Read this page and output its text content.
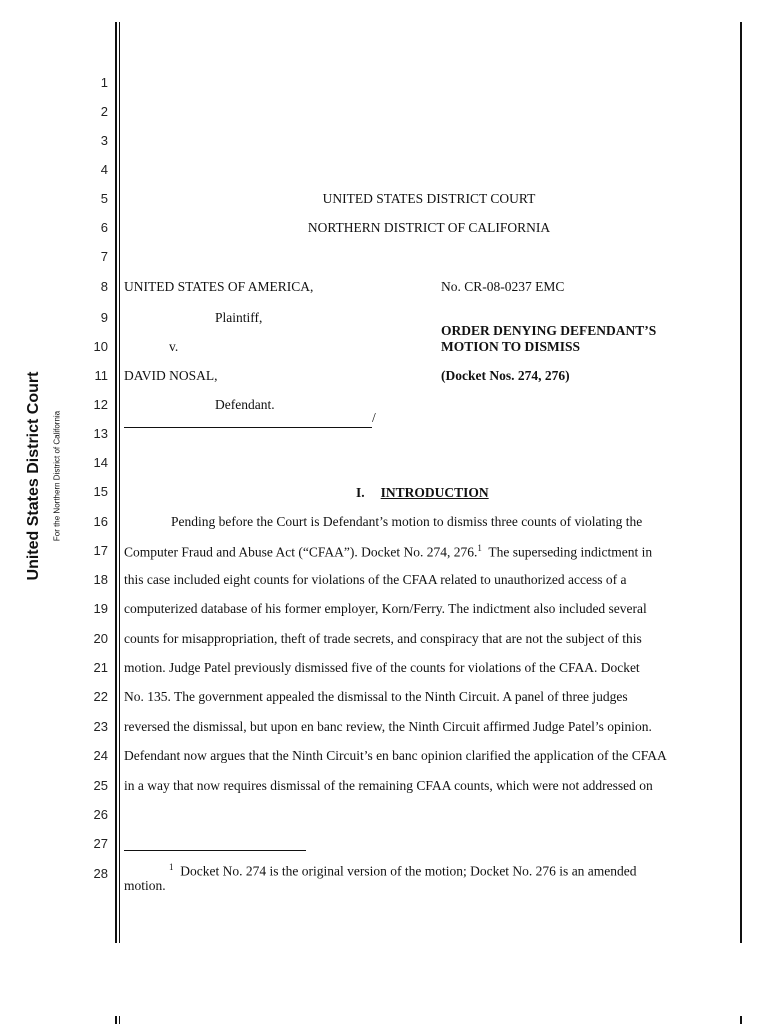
United States District Court For the Northern District of California
1
2
3
4
5
6
7
8
9
10
11
12
13
14
15
16
17
18
19
20
21
22
23
24
25
26
27
28
UNITED STATES DISTRICT COURT
NORTHERN DISTRICT OF CALIFORNIA
UNITED STATES OF AMERICA,
Plaintiff,
v.
DAVID NOSAL,
Defendant.
/
No. CR-08-0237 EMC
ORDER DENYING DEFENDANT’S
MOTION TO DISMISS
(Docket Nos. 274, 276)
I. INTRODUCTION
Pending before the Court is Defendant’s motion to dismiss three counts of violating the
Computer Fraud and Abuse Act (“CFAA”). Docket No. 274, 276.$^1$  The superseding indictment in
this case included eight counts for violations of the CFAA related to unauthorized access of a
computerized database of his former employer, Korn/Ferry. The indictment also included several
counts for misappropriation, theft of trade secrets, and conspiracy that are not the subject of this
motion. Judge Patel previously dismissed five of the counts for violations of the CFAA. Docket
No. 135. The government appealed the dismissal to the Ninth Circuit. A panel of three judges
reversed the dismissal, but upon en banc review, the Ninth Circuit affirmed Judge Patel’s opinion.
Defendant now argues that the Ninth Circuit’s en banc opinion clarified the application of the CFAA
in a way that now requires dismissal of the remaining CFAA counts, which were not addressed on
$^1$ Docket No. 274 is the original version of the motion; Docket No. 276 is an amended
motion.
